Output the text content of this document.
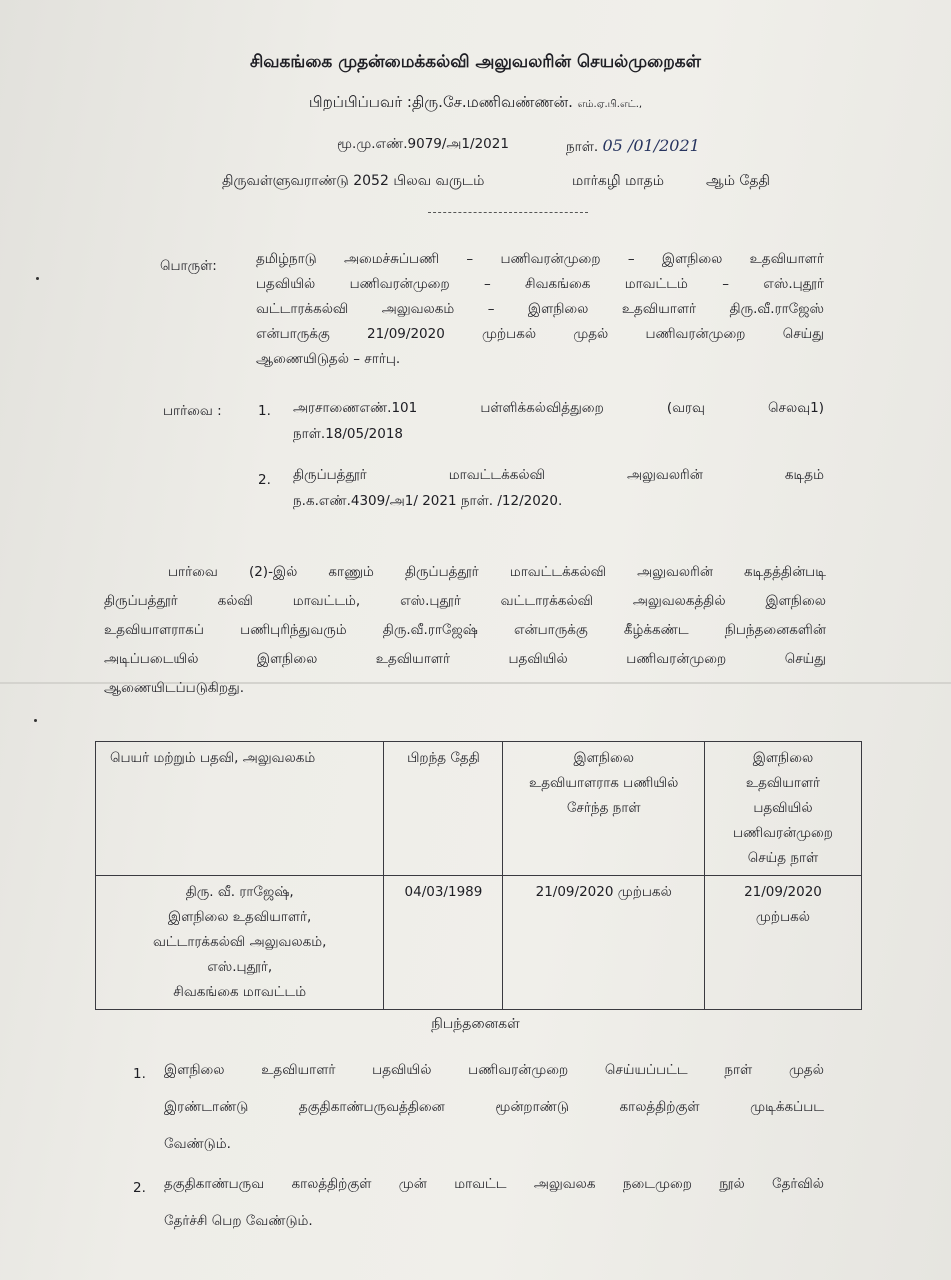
சிவகங்கை முதன்மைக்கல்வி அலுவலரின் செயல்முறைகள்
பிறப்பிப்பவர் :திரு.சே.மணிவண்ணன். எம்.ஏ.பி.எட்.,
மூ.மு.எண்.9079/அ1/2021	நாள். 05 /01/2021
திருவள்ளுவராண்டு 2052 பிலவ வருடம்	மார்கழி மாதம்	ஆம் தேதி
பொருள்:	தமிழ்நாடு அமைச்சுப்பணி – பணிவரன்முறை – இளநிலை உதவியாளர்
பதவியில்	பணிவரன்முறை	–	சிவகங்கை	மாவட்டம்	–	எஸ்.புதூர்
வட்டாரக்கல்வி அலுவலகம் – இளநிலை உதவியாளர் திரு.வீ.ராஜேஸ்
என்பாருக்கு	21/09/2020	முற்பகல்	முதல்	பணிவரன்முறை	செய்து
ஆணையிடுதல் – சார்பு.
பார்வை :	1. அரசாணைஎண்.101	பள்ளிக்கல்வித்துறை	(வரவு	செலவு1)
நாள்.18/05/2018
2. திருப்பத்தூர்	மாவட்டக்கல்வி	அலுவலரின்	கடிதம்
ந.க.எண்.4309/அ1/ 2021 நாள். /12/2020.
பார்வை (2)-இல் காணும் திருப்பத்தூர் மாவட்டக்கல்வி அலுவலரின் கடிதத்தின்படி
திருப்பத்தூர்	கல்வி	மாவட்டம்,	எஸ்.புதூர்	வட்டாரக்கல்வி	அலுவலகத்தில்	இளநிலை
உதவியாளராகப்	பணிபுரிந்துவரும்	திரு.வீ.ராஜேஷ்	என்பாருக்கு	கீழ்க்கண்ட	நிபந்தனைகளின்
அடிப்படையில்	இளநிலை	உதவியாளர்	பதவியில்	பணிவரன்முறை	செய்து
ஆணையிடப்படுகிறது.
பெயர் மற்றும் பதவி, அலுவலகம்	பிறந்த தேதி	இளநிலை உதவியாளராக பணியில் சேர்ந்த நாள்	இளநிலை உதவியாளர் பதவியில் பணிவரன்முறை செய்த நாள்

திரு. வீ. ராஜேஷ்,
இளநிலை உதவியாளர்,
வட்டாரக்கல்வி அலுவலகம்,
எஸ்.புதூர்,
சிவகங்கை மாவட்டம்	04/03/1989	21/09/2020 முற்பகல்	21/09/2020 முற்பகல்
நிபந்தனைகள்
1. இளநிலை	உதவியாளர்	பதவியில்	பணிவரன்முறை	செய்யப்பட்ட	நாள்	முதல்
இரண்டாண்டு	தகுதிகாண்பருவத்தினை	மூன்றாண்டு	காலத்திற்குள்	முடிக்கப்பட
வேண்டும்.
2. தகுதிகாண்பருவ காலத்திற்குள் முன் மாவட்ட அலுவலக நடைமுறை நூல் தேர்வில்
தேர்ச்சி பெற வேண்டும்.
